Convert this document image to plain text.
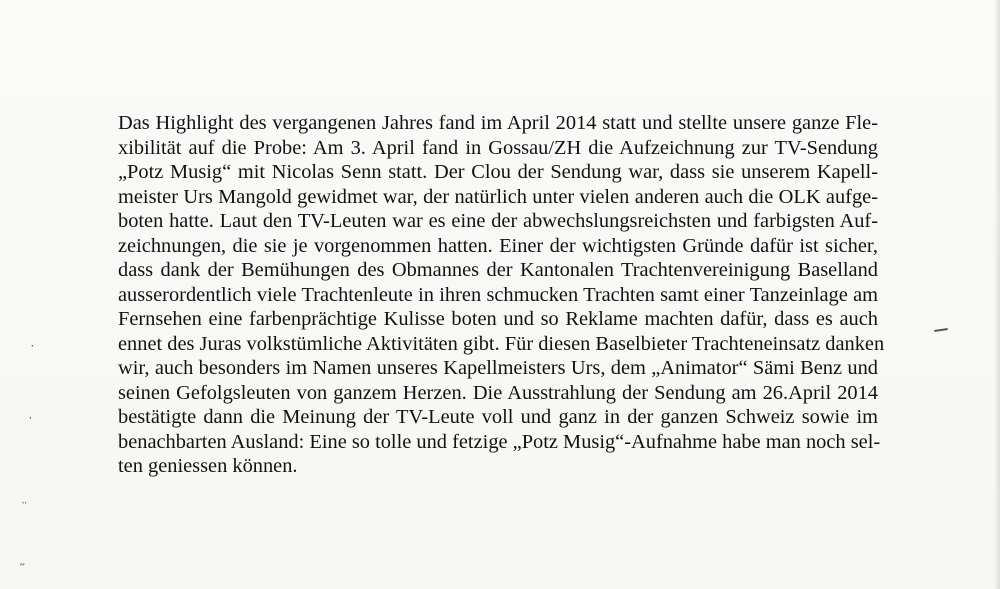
Das Highlight des vergangenen Jahres fand im April 2014 statt und stellte unsere ganze Fle-
xibilität auf die Probe: Am 3. April fand in Gossau/ZH die Aufzeichnung zur TV-Sendung
„Potz Musig“ mit Nicolas Senn statt. Der Clou der Sendung war, dass sie unserem Kapell-
meister Urs Mangold gewidmet war, der natürlich unter vielen anderen auch die OLK aufge-
boten hatte. Laut den TV-Leuten war es eine der abwechslungsreichsten und farbigsten Auf-
zeichnungen, die sie je vorgenommen hatten. Einer der wichtigsten Gründe dafür ist sicher,
dass dank der Bemühungen des Obmannes der Kantonalen Trachtenvereinigung Baselland
ausserordentlich viele Trachtenleute in ihren schmucken Trachten samt einer Tanzeinlage am
Fernsehen eine farbenprächtige Kulisse boten und so Reklame machten dafür, dass es auch
ennet des Juras volkstümliche Aktivitäten gibt. Für diesen Baselbieter Trachteneinsatz danken
wir, auch besonders im Namen unseres Kapellmeisters Urs, dem „Animator“ Sämi Benz und
seinen Gefolgsleuten von ganzem Herzen. Die Ausstrahlung der Sendung am 26.April 2014
bestätigte dann die Meinung der TV-Leute voll und ganz in der ganzen Schweiz sowie im
benachbarten Ausland: Eine so tolle und fetzige „Potz Musig“-Aufnahme habe man noch sel-
ten geniessen können.
˙
ˌ
¨
˝
